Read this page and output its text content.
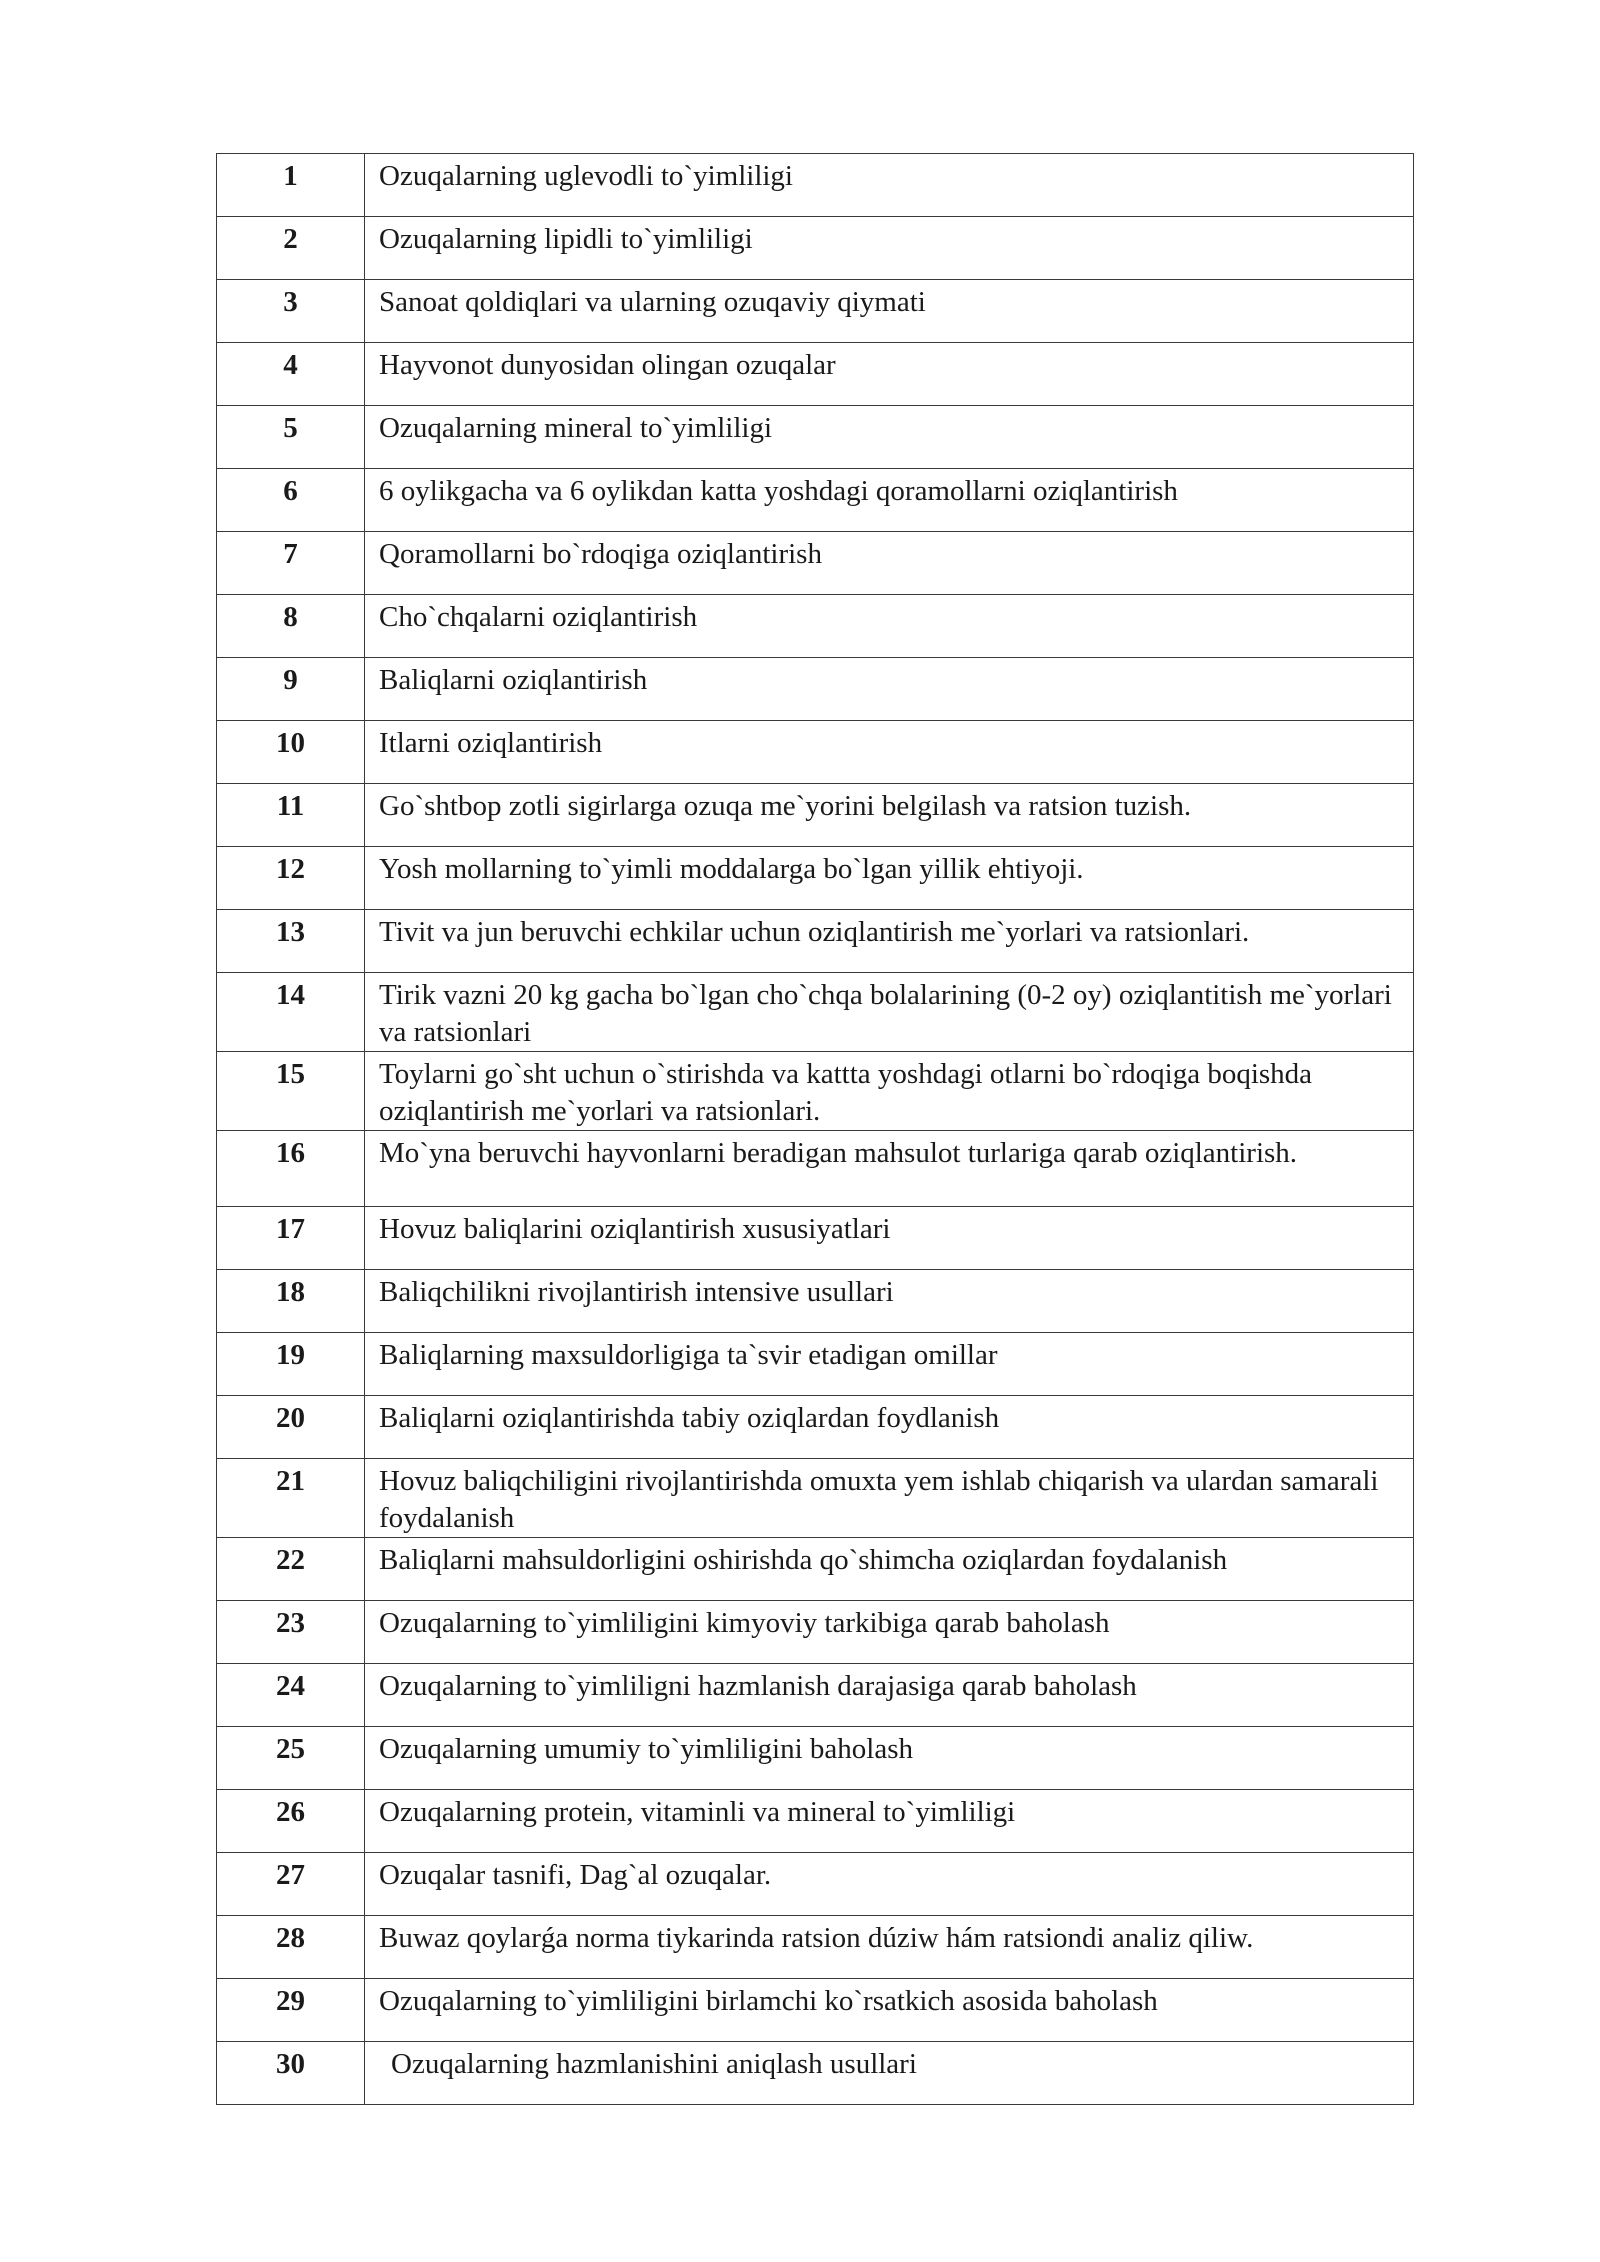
1	Ozuqalarning uglevodli to`yimliligi
2	Ozuqalarning lipidli to`yimliligi
3	Sanoat qoldiqlari va ularning ozuqaviy qiymati
4	Hayvonot dunyosidan olingan ozuqalar
5	Ozuqalarning mineral to`yimliligi
6	6 oylikgacha va 6 oylikdan katta yoshdagi qoramollarni oziqlantirish
7	Qoramollarni bo`rdoqiga oziqlantirish
8	Cho`chqalarni oziqlantirish
9	Baliqlarni oziqlantirish
10	Itlarni oziqlantirish
11	Go`shtbop zotli sigirlarga ozuqa me`yorini belgilash va ratsion tuzish.
12	Yosh mollarning to`yimli moddalarga bo`lgan yillik ehtiyoji.
13	Tivit va jun beruvchi echkilar uchun oziqlantirish me`yorlari va ratsionlari.
14	Tirik vazni 20 kg gacha bo`lgan cho`chqa bolalarining (0-2 oy) oziqlantitish me`yorlari va ratsionlari
15	Toylarni go`sht uchun o`stirishda va kattta yoshdagi otlarni bo`rdoqiga boqishda oziqlantirish me`yorlari va ratsionlari.
16	Mo`yna beruvchi hayvonlarni beradigan mahsulot turlariga qarab oziqlantirish.
17	Hovuz baliqlarini oziqlantirish xususiyatlari
18	Baliqchilikni rivojlantirish intensive usullari
19	Baliqlarning maxsuldorligiga ta`svir etadigan omillar
20	Baliqlarni oziqlantirishda tabiy oziqlardan foydlanish
21	Hovuz baliqchiligini rivojlantirishda omuxta yem ishlab chiqarish va ulardan samarali foydalanish
22	Baliqlarni mahsuldorligini oshirishda qo`shimcha oziqlardan foydalanish
23	Ozuqalarning to`yimliligini kimyoviy tarkibiga qarab baholash
24	Ozuqalarning to`yimliligni hazmlanish darajasiga qarab baholash
25	Ozuqalarning umumiy to`yimliligini baholash
26	Ozuqalarning protein, vitaminli va mineral to`yimliligi
27	Ozuqalar tasnifi, Dag`al ozuqalar.
28	Buwaz qoylarǵa norma tiykarinda ratsion dúziw hám ratsiondi analiz qiliw.
29	Ozuqalarning to`yimliligini birlamchi ko`rsatkich asosida baholash
30	Ozuqalarning hazmlanishini aniqlash usullari
